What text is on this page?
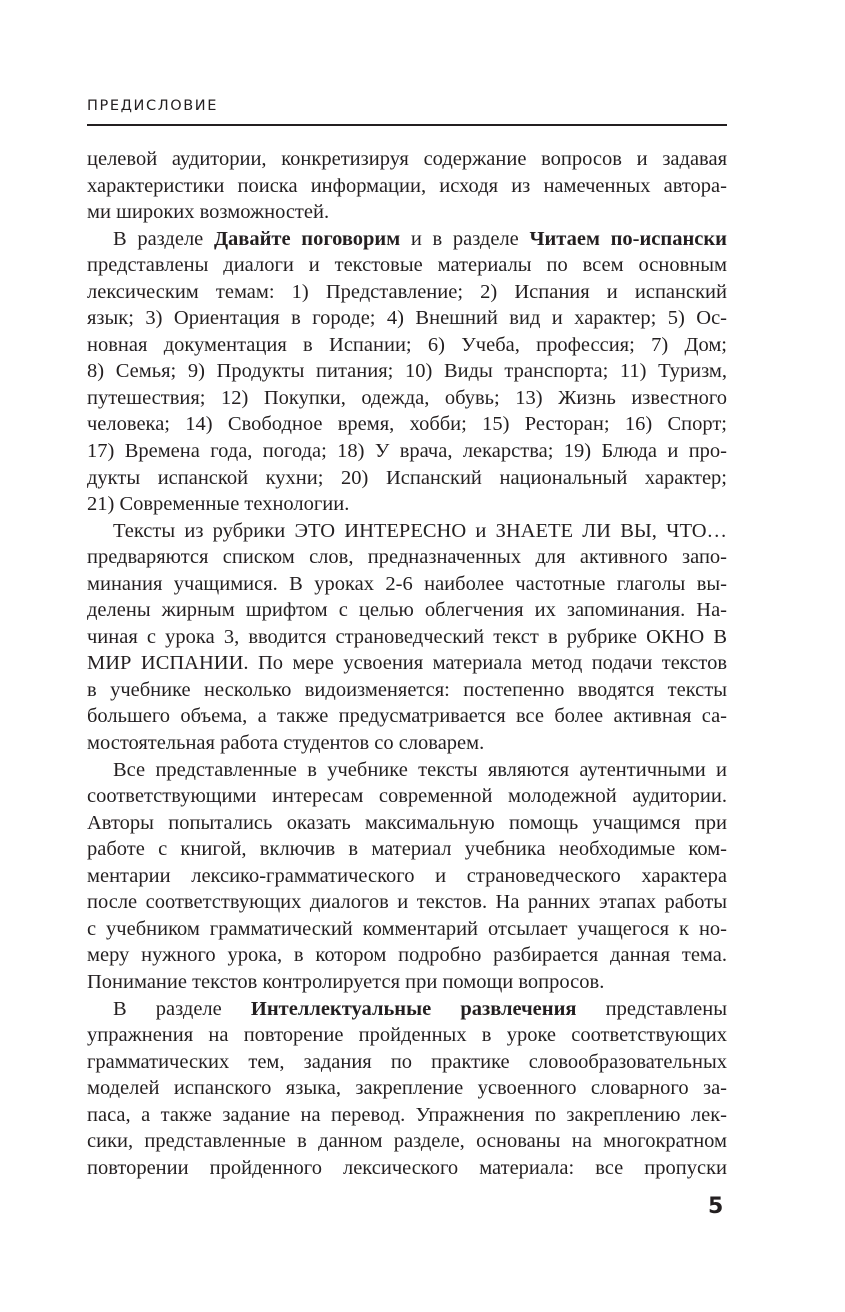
ПРЕДИСЛОВИЕ
целевой аудитории, конкретизируя содержание вопросов и задавая
характеристики поиска информации, исходя из намеченных автора-
ми широких возможностей.
В разделе Давайте поговорим и в разделе Читаем по-испански
представлены диалоги и текстовые материалы по всем основным
лексическим темам: 1) Представление; 2) Испания и испанский
язык; 3) Ориентация в городе; 4) Внешний вид и характер; 5) Ос-
новная документация в Испании; 6) Учеба, профессия; 7) Дом;
8) Семья; 9) Продукты питания; 10) Виды транспорта; 11) Туризм,
путешествия; 12) Покупки, одежда, обувь; 13) Жизнь известного
человека; 14) Свободное время, хобби; 15) Ресторан; 16) Спорт;
17) Времена года, погода; 18) У врача, лекарства; 19) Блюда и про-
дукты испанской кухни; 20) Испанский национальный характер;
21) Современные технологии.
Тексты из рубрики ЭТО ИНТЕРЕСНО и ЗНАЕТЕ ЛИ ВЫ, ЧТО…
предваряются списком слов, предназначенных для активного запо-
минания учащимися. В уроках 2-6 наиболее частотные глаголы вы-
делены жирным шрифтом с целью облегчения их запоминания. На-
чиная с урока 3, вводится страноведческий текст в рубрике ОКНО В
МИР ИСПАНИИ. По мере усвоения материала метод подачи текстов
в учебнике несколько видоизменяется: постепенно вводятся тексты
большего объема, а также предусматривается все более активная са-
мостоятельная работа студентов со словарем.
Все представленные в учебнике тексты являются аутентичными и
соответствующими интересам современной молодежной аудитории.
Авторы попытались оказать максимальную помощь учащимся при
работе с книгой, включив в материал учебника необходимые ком-
ментарии лексико-грамматического и страноведческого характера
после соответствующих диалогов и текстов. На ранних этапах работы
с учебником грамматический комментарий отсылает учащегося к но-
меру нужного урока, в котором подробно разбирается данная тема.
Понимание текстов контролируется при помощи вопросов.
В разделе Интеллектуальные развлечения представлены
упражнения на повторение пройденных в уроке соответствующих
грамматических тем, задания по практике словообразовательных
моделей испанского языка, закрепление усвоенного словарного за-
паса, а также задание на перевод. Упражнения по закреплению лек-
сики, представленные в данном разделе, основаны на многократном
повторении пройденного лексического материала: все пропуски
5
